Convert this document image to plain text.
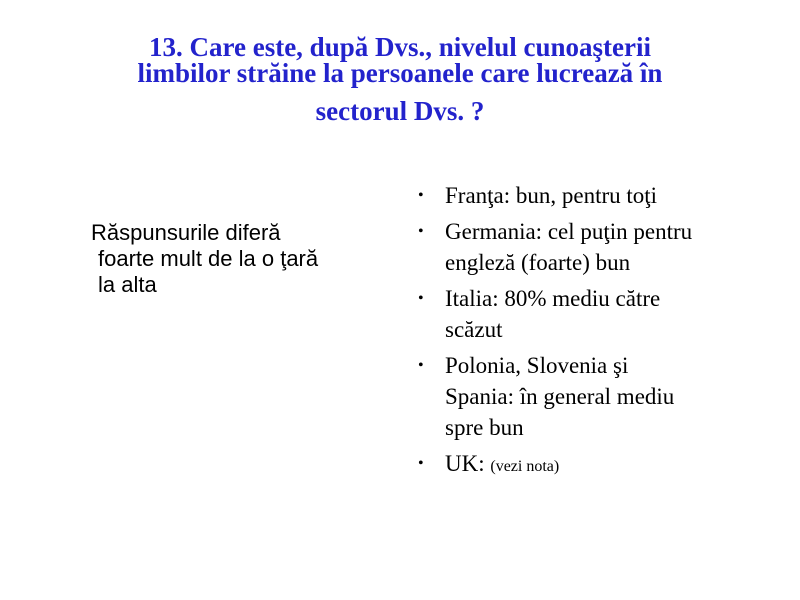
13. Care este, după Dvs., nivelul cunoaşterii
limbilor străine la persoanele care lucrează în
sectorul Dvs. ?
Răspunsurile diferă
foarte mult de la o ţară
la alta
• Franţa: bun, pentru toţi
• Germania: cel puţin pentru
engleză (foarte) bun
• Italia: 80% mediu către
scăzut
• Polonia, Slovenia şi
Spania: în general mediu
spre bun
• UK: (vezi nota)
